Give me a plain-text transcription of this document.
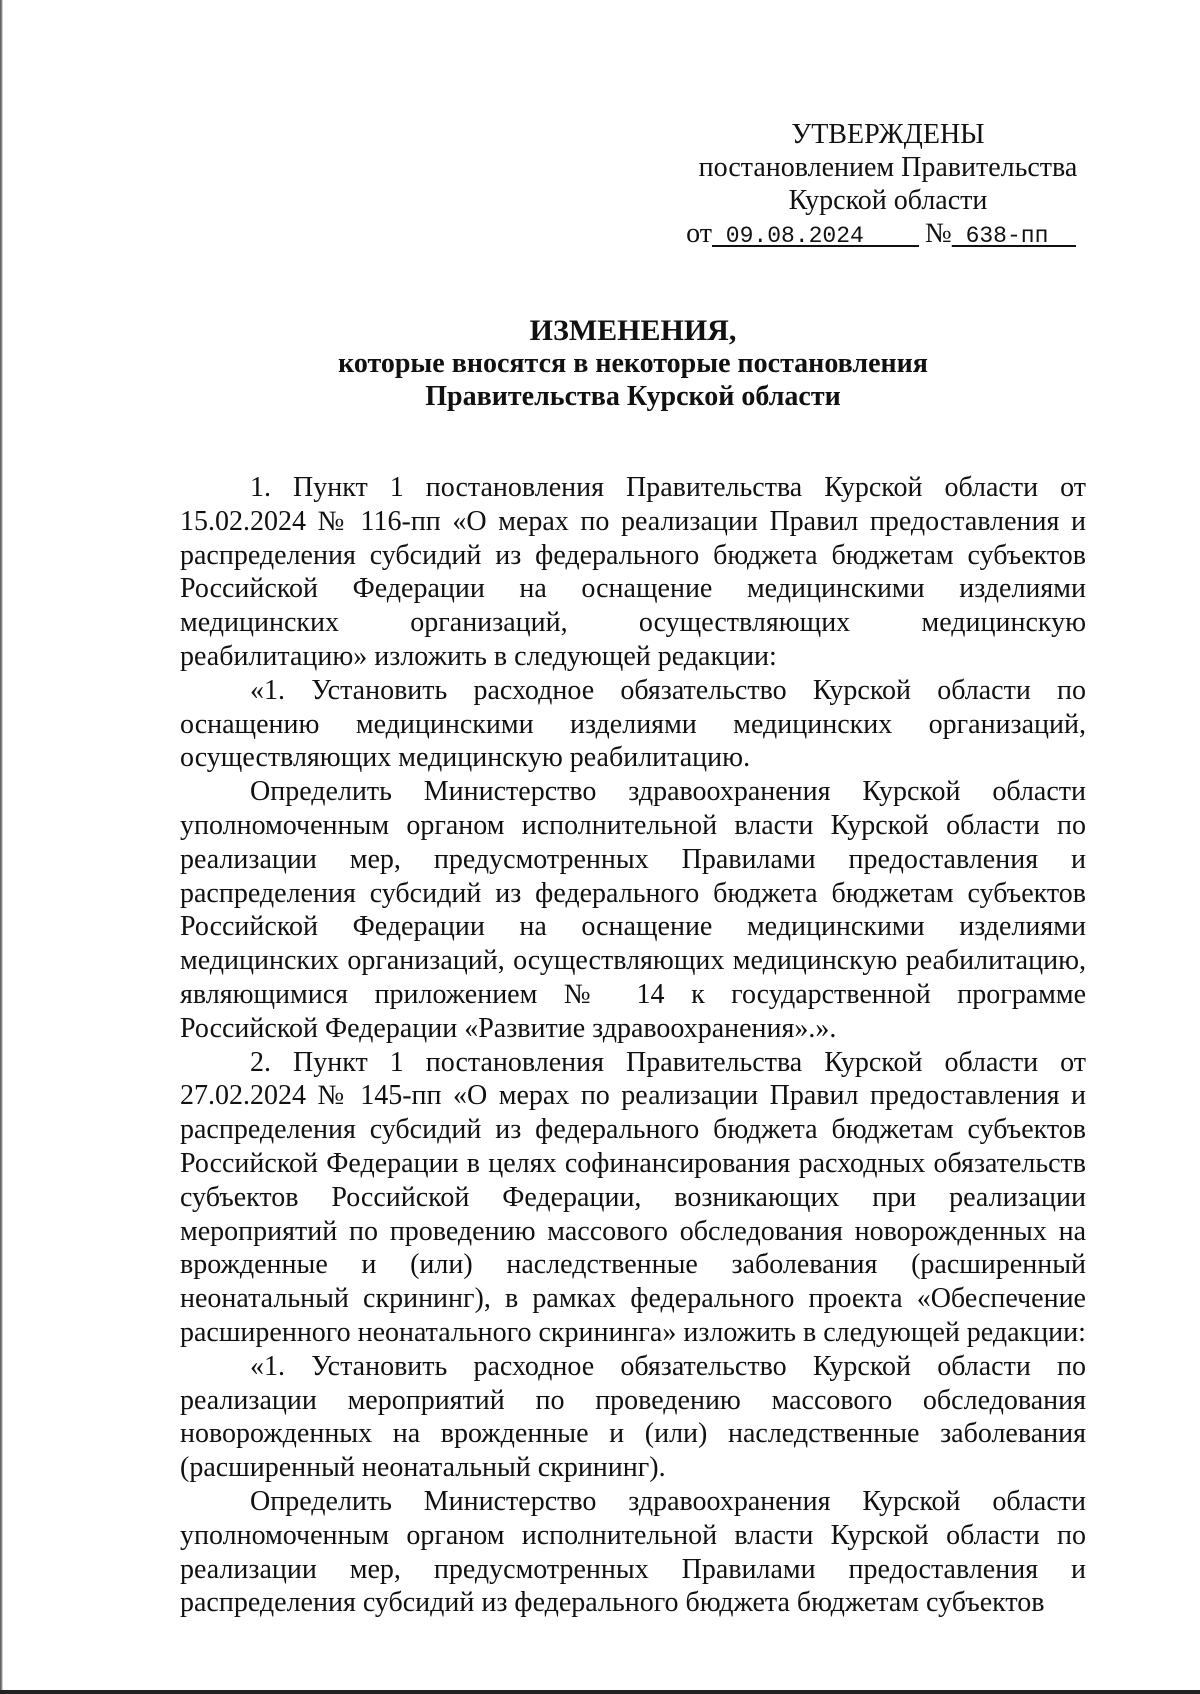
УТВЕРЖДЕНЫ
постановлением Правительства
Курской области
от 09.08.2024 № 638-пп
ИЗМЕНЕНИЯ,
которые вносятся в некоторые постановления
Правительства Курской области

1. Пункт 1 постановления Правительства Курской области от 15.02.2024 № 116-пп «О мерах по реализации Правил предоставления и распределения субсидий из федерального бюджета бюджетам субъектов Российской Федерации на оснащение медицинскими изделиями медицинских организаций, осуществляющих медицинскую реабилитацию» изложить в следующей редакции:

«1. Установить расходное обязательство Курской области по оснащению медицинскими изделиями медицинских организаций, осуществляющих медицинскую реабилитацию.

Определить Министерство здравоохранения Курской области уполномоченным органом исполнительной власти Курской области по реализации мер, предусмотренных Правилами предоставления и распределения субсидий из федерального бюджета бюджетам субъектов Российской Федерации на оснащение медицинскими изделиями медицинских организаций, осуществляющих медицинскую реабилитацию, являющимися приложением № 14 к государственной программе Российской Федерации «Развитие здравоохранения».».

2. Пункт 1 постановления Правительства Курской области от 27.02.2024 № 145-пп «О мерах по реализации Правил предоставления и распределения субсидий из федерального бюджета бюджетам субъектов Российской Федерации в целях софинансирования расходных обязательств субъектов Российской Федерации, возникающих при реализации мероприятий по проведению массового обследования новорожденных на врожденные и (или) наследственные заболевания (расширенный неонатальный скрининг), в рамках федерального проекта «Обеспечение расширенного неонатального скрининга» изложить в следующей редакции:

«1. Установить расходное обязательство Курской области по реализации мероприятий по проведению массового обследования новорожденных на врожденные и (или) наследственные заболевания (расширенный неонатальный скрининг).

Определить Министерство здравоохранения Курской области уполномоченным органом исполнительной власти Курской области по реализации мер, предусмотренных Правилами предоставления и распределения субсидий из федерального бюджета бюджетам субъектов
